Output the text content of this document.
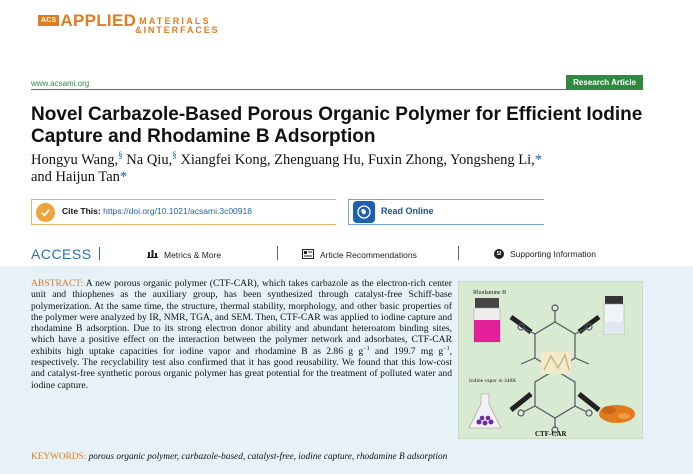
ACS APPLIED MATERIALS
&INTERFACES
www.acsami.org	Research Article
Novel Carbazole-Based Porous Organic Polymer for Efficient Iodine Capture and Rhodamine B Adsorption
Hongyu Wang,§ Na Qiu,§ Xiangfei Kong, Zhenguang Hu, Fuxin Zhong, Yongsheng Li,*
and Haijun Tan*
Cite This: https://doi.org/10.1021/acsami.3c00918	Read Online
ACCESS	Metrics & More	Article Recommendations	SI	Supporting Information

ABSTRACT: A new porous organic polymer (CTF-CAR), which takes carbazole as the electron-rich center unit and thiophenes as the auxiliary group, has been synthesized through catalyst-free Schiff-base polymerization. At the same time, the structure, thermal stability, morphology, and other basic properties of the polymer were analyzed by IR, NMR, TGA, and SEM. Then, CTF-CAR was applied to iodine capture and rhodamine B adsorption. Due to its strong electron donor ability and abundant heteroatom binding sites, which have a positive effect on the interaction between the polymer network and adsorbates, CTF-CAR exhibits high uptake capacities for iodine vapor and rhodamine B as 2.86 g $g^{-1}$ and 199.7 mg $g^{-1}$, respectively. The recyclability test also confirmed that it has good reusability. We found that this low-cost and catalyst-free synthetic porous organic polymer has great potential for the treatment of polluted water and iodine capture.

Rhodamine B
Iodine vapor in 348K
CTF-CAR
KEYWORDS: porous organic polymer, carbazole-based, catalyst-free, iodine capture, rhodamine B adsorption
